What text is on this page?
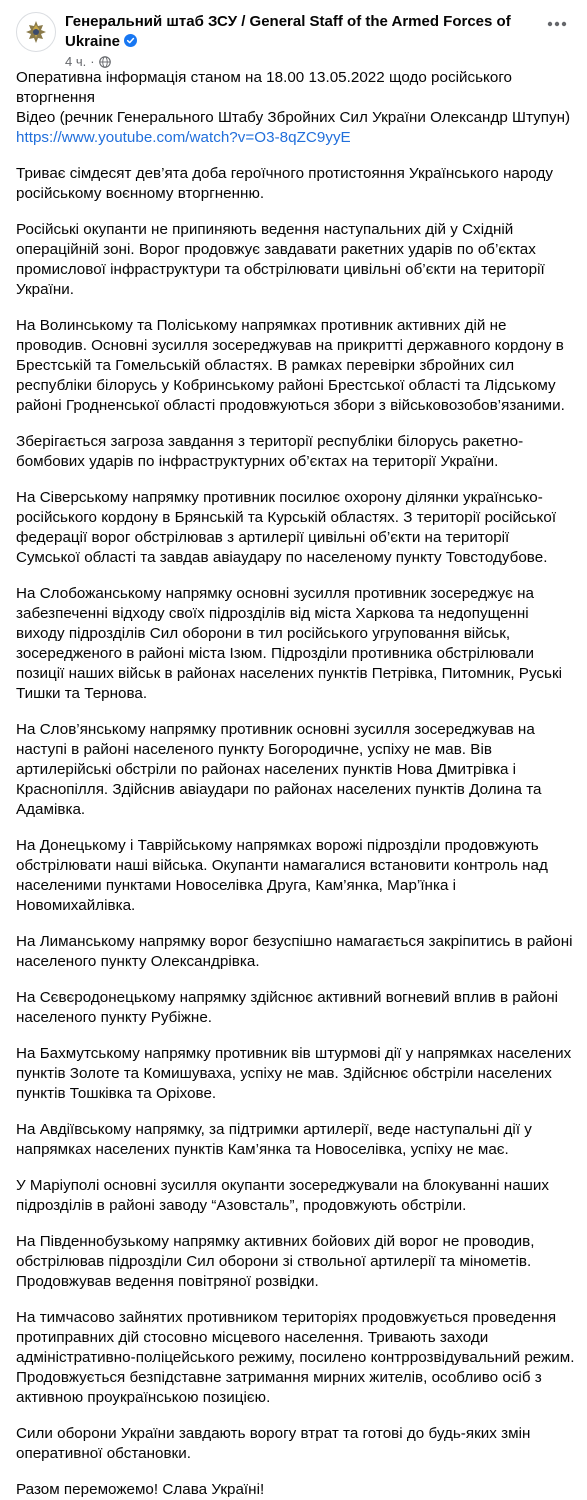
Генеральний штаб ЗСУ / General Staff of the Armed Forces of Ukraine
4 ч. ·

Оперативна інформація станом на 18.00 13.05.2022 щодо російського вторгнення
Відео (речник Генерального Штабу Збройних Сил України Олександр Штупун)
https://www.youtube.com/watch?v=O3-8qZC9yyE

Триває сімдесят дев’ята доба героїчного протистояння Українського народу російському воєнному вторгненню.

Російські окупанти не припиняють ведення наступальних дій у Східній операційній зоні. Ворог продовжує завдавати ракетних ударів по об’єктах промислової інфраструктури та обстрілювати цивільні об’єкти на території України.

На Волинському та Поліському напрямках противник активних дій не проводив. Основні зусилля зосереджував на прикритті державного кордону в Брестській та Гомельській областях. В рамках перевірки збройних сил республіки білорусь у Кобринському районі Брестської області та Лідському районі Гродненської області продовжуються збори з військовозобов’язаними.

Зберігається загроза завдання з території республіки білорусь ракетно-бомбових ударів по інфраструктурних об’єктах на території України.

На Сіверському напрямку противник посилює охорону ділянки українсько-російського кордону в Брянській та Курській областях. З території російської федерації ворог обстрілював з артилерії цивільні об’єкти на території Сумської області та завдав авіаудару по населеному пункту Товстодубове.

На Слобожанському напрямку основні зусилля противник зосереджує на забезпеченні відходу своїх підрозділів від міста Харкова та недопущенні виходу підрозділів Сил оборони в тил російського угруповання військ, зосередженого в районі міста Ізюм. Підрозділи противника обстрілювали позиції наших військ в районах населених пунктів Петрівка, Питомник, Руські Тишки та Тернова.

На Слов’янському напрямку противник основні зусилля зосереджував на наступі в районі населеного пункту Богородичне, успіху не мав. Вів артилерійські обстріли по районах населених пунктів Нова Дмитрівка і Краснопілля. Здійснив авіаудари по районах населених пунктів Долина та Адамівка.

На Донецькому і Таврійському напрямках ворожі підрозділи продовжують обстрілювати наші війська. Окупанти намагалися встановити контроль над населеними пунктами Новоселівка Друга, Кам’янка, Мар’їнка і Новомихайлівка.

На Лиманському напрямку ворог безуспішно намагається закріпитись в районі населеного пункту Олександрівка.

На Сєвєродонецькому напрямку здійснює активний вогневий вплив в районі населеного пункту Рубіжне.

На Бахмутському напрямку противник вів штурмові дії у напрямках населених пунктів Золоте та Комишуваха, успіху не мав. Здійснює обстріли населених пунктів Тошківка та Оріхове.

На Авдіївському напрямку, за підтримки артилерії, веде наступальні дії у напрямках населених пунктів Кам’янка та Новоселівка, успіху не має.

У Маріуполі основні зусилля окупанти зосереджували на блокуванні наших підрозділів в районі заводу “Азовсталь”, продовжують обстріли.

На Південнобузькому напрямку активних бойових дій ворог не проводив, обстрілював підрозділи Сил оборони зі ствольної артилерії та мінометів. Продовжував ведення повітряної розвідки.

На тимчасово зайнятих противником територіях продовжується проведення протиправних дій стосовно місцевого населення. Тривають заходи адміністративно-поліцейського режиму, посилено контррозвідувальний режим. Продовжується безпідставне затримання мирних жителів, особливо осіб з активною проукраїнською позицією.

Сили оборони України завдають ворогу втрат та готові до будь-яких змін оперативної обстановки.

Разом переможемо! Слава Україні!
